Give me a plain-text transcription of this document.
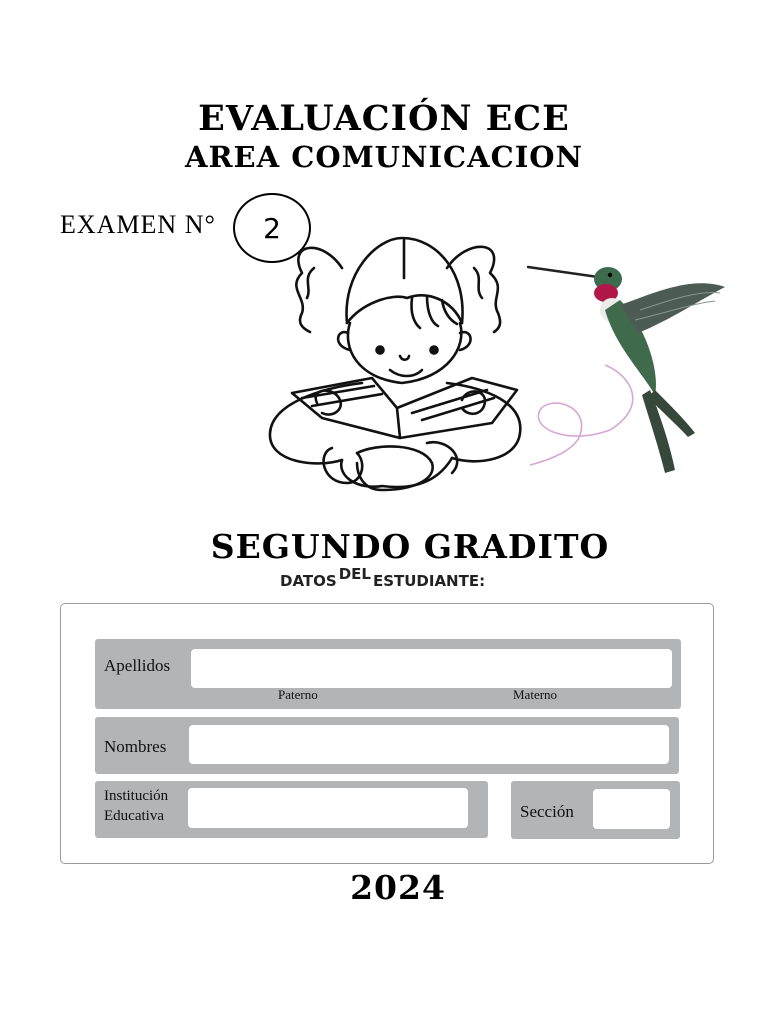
EVALUACIÓN ECE
AREA COMUNICACION
EXAMEN N° 2
SEGUNDO GRADITO
DATOS DEL ESTUDIANTE:
Apellidos
Paterno	Materno
Nombres
Institución
Educativa	Sección
2024
